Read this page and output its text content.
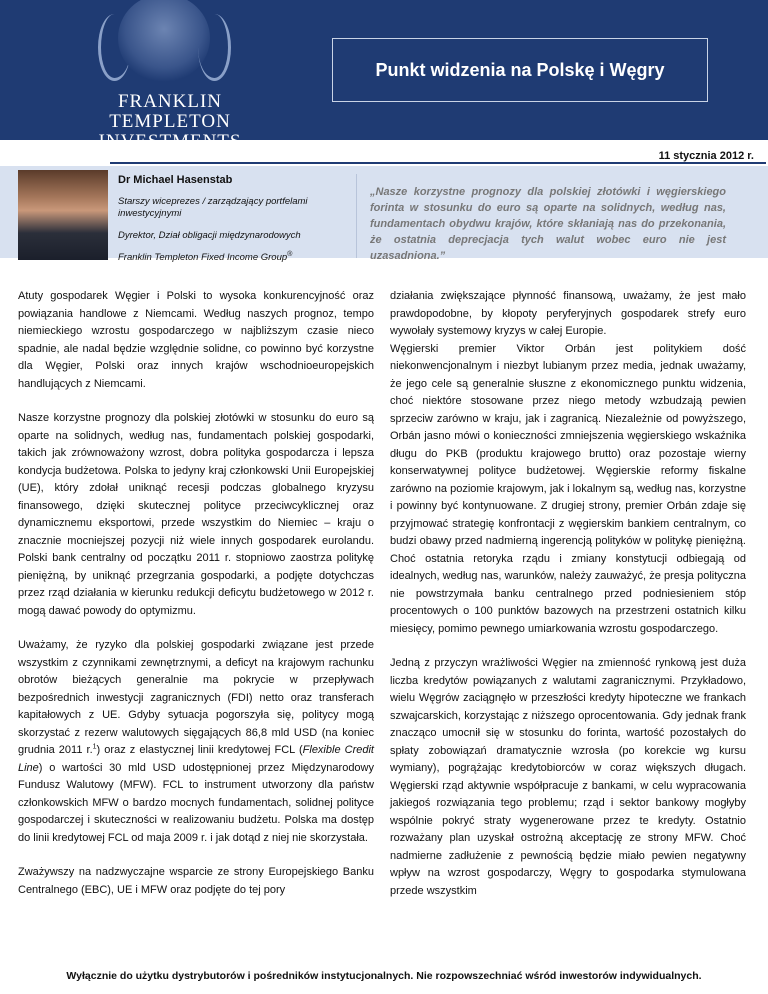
FRANKLIN TEMPLETON
INVESTMENTS
Punkt widzenia na Polskę i Węgry
11 stycznia 2012 r.
Dr Michael Hasenstab
Starszy wiceprezes / zarządzający portfelami inwestycyjnymi
Dyrektor, Dział obligacji międzynarodowych
Franklin Templeton Fixed Income Group®
„Nasze korzystne prognozy dla polskiej złotówki i węgierskiego forinta w stosunku do euro są oparte na solidnych, według nas, fundamentach obydwu krajów, które skłaniają nas do przekonania, że ostatnia deprecjacja tych walut wobec euro nie jest uzasadniona.”

Atuty gospodarek Węgier i Polski to wysoka konkurencyjność oraz powiązania handlowe z Niemcami. Według naszych prognoz, tempo niemieckiego wzrostu gospodarczego w najbliższym czasie nieco spadnie, ale nadal będzie względnie solidne, co powinno być korzystne dla Węgier, Polski oraz innych krajów wschodnioeuropejskich handlujących z Niemcami.

Nasze korzystne prognozy dla polskiej złotówki w stosunku do euro są oparte na solidnych, według nas, fundamentach polskiej gospodarki, takich jak zrównoważony wzrost, dobra polityka gospodarcza i lepsza kondycja budżetowa. Polska to jedyny kraj członkowski Unii Europejskiej (UE), który zdołał uniknąć recesji podczas globalnego kryzysu finansowego, dzięki skutecznej polityce przeciwcyklicznej oraz dynamicznemu eksportowi, przede wszystkim do Niemiec – kraju o znacznie mocniejszej pozycji niż wiele innych gospodarek eurolandu. Polski bank centralny od początku 2011 r. stopniowo zaostrza politykę pieniężną, by uniknąć przegrzania gospodarki, a podjęte dotychczas przez rząd działania w kierunku redukcji deficytu budżetowego w 2012 r. mogą dawać powody do optymizmu.

Uważamy, że ryzyko dla polskiej gospodarki związane jest przede wszystkim z czynnikami zewnętrznymi, a deficyt na krajowym rachunku obrotów bieżących generalnie ma pokrycie w przepływach bezpośrednich inwestycji zagranicznych (FDI) netto oraz transferach kapitałowych z UE. Gdyby sytuacja pogorszyła się, politycy mogą skorzystać z rezerw walutowych sięgających 86,8 mld USD (na koniec grudnia 2011 r.$^1$) oraz z elastycznej linii kredytowej FCL (Flexible Credit Line) o wartości 30 mld USD udostępnionej przez Międzynarodowy Fundusz Walutowy (MFW). FCL to instrument utworzony dla państw członkowskich MFW o bardzo mocnych fundamentach, solidnej polityce gospodarczej i skuteczności w realizowaniu budżetu. Polska ma dostęp do linii kredytowej FCL od maja 2009 r. i jak dotąd z niej nie skorzystała.

Zważywszy na nadzwyczajne wsparcie ze strony Europejskiego Banku Centralnego (EBC), UE i MFW oraz podjęte do tej pory

działania zwiększające płynność finansową, uważamy, że jest mało prawdopodobne, by kłopoty peryferyjnych gospodarek strefy euro wywołały systemowy kryzys w całej Europie.

Węgierski premier Viktor Orbán jest politykiem dość niekonwencjonalnym i niezbyt lubianym przez media, jednak uważamy, że jego cele są generalnie słuszne z ekonomicznego punktu widzenia, choć niektóre stosowane przez niego metody wzbudzają pewien sprzeciw zarówno w kraju, jak i zagranicą. Niezależnie od powyższego, Orbán jasno mówi o konieczności zmniejszenia węgierskiego wskaźnika długu do PKB (produktu krajowego brutto) oraz pozostaje wierny konserwatywnej polityce budżetowej. Węgierskie reformy fiskalne zarówno na poziomie krajowym, jak i lokalnym są, według nas, korzystne i powinny być kontynuowane. Z drugiej strony, premier Orbán zdaje się przyjmować strategię konfrontacji z węgierskim bankiem centralnym, co budzi obawy przed nadmierną ingerencją polityków w politykę pieniężną. Choć ostatnia retoryka rządu i zmiany konstytucji odbiegają od idealnych, według nas, warunków, należy zauważyć, że presja polityczna nie powstrzymała banku centralnego przed podniesieniem stóp procentowych o 100 punktów bazowych na przestrzeni ostatnich kilku miesięcy, pomimo pewnego umiarkowania wzrostu gospodarczego.

Jedną z przyczyn wrażliwości Węgier na zmienność rynkową jest duża liczba kredytów powiązanych z walutami zagranicznymi. Przykładowo, wielu Węgrów zaciągnęło w przeszłości kredyty hipoteczne we frankach szwajcarskich, korzystając z niższego oprocentowania. Gdy jednak frank znacząco umocnił się w stosunku do forinta, wartość pozostałych do spłaty zobowiązań dramatycznie wzrosła (po korekcie wg kursu wymiany), pogrążając kredytobiorców w coraz większych długach. Węgierski rząd aktywnie współpracuje z bankami, w celu wypracowania jakiegoś rozwiązania tego problemu; rząd i sektor bankowy mogłyby wspólnie pokryć straty wygenerowane przez te kredyty. Ostatnio rozważany plan uzyskał ostrożną akceptację ze strony MFW. Choć nadmierne zadłużenie z pewnością będzie miało pewien negatywny wpływ na wzrost gospodarczy, Węgry to gospodarka stymulowana przede wszystkim

Wyłącznie do użytku dystrybutorów i pośredników instytucjonalnych. Nie rozpowszechniać wśród inwestorów indywidualnych.
